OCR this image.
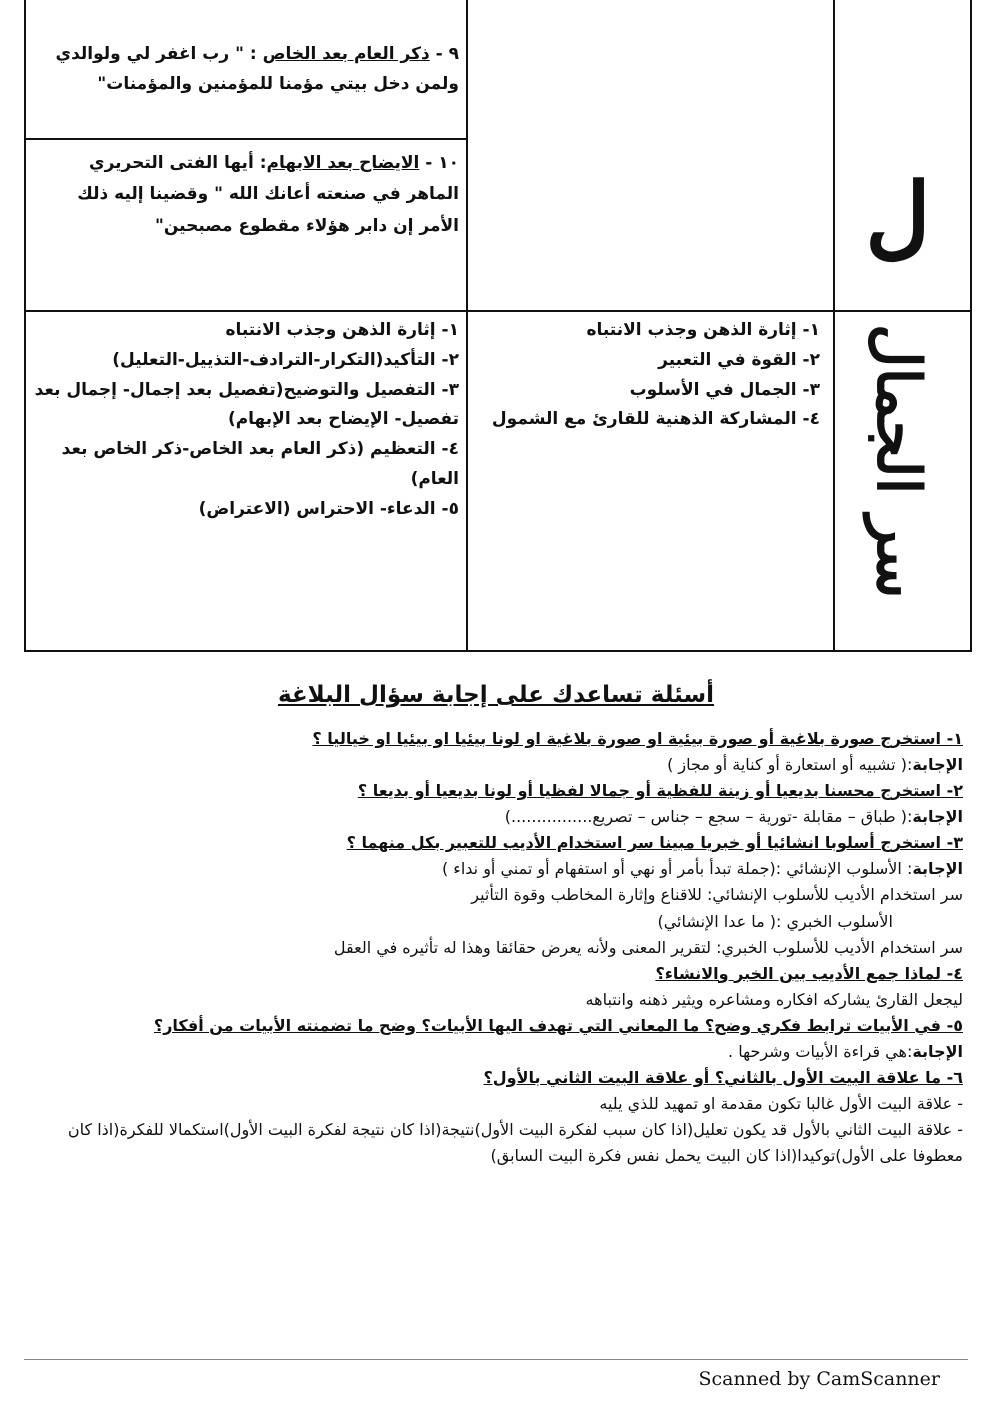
٩ - ذكر العام بعد الخاص : " رب اغفر لي ولوالدي ولمن دخل بيتي مؤمنا للمؤمنين والمؤمنات"
١٠ - الايضاح بعد الابهام: أيها الفتى التحريري الماهر في صنعته أعانك الله " وقضينا إليه ذلك الأمر إن دابر هؤلاء مقطوع مصبحين"	ل
سر الجمال
١- إثارة الذهن وجذب الانتباه
٢- القوة في التعبير
٣- الجمال في الأسلوب
٤- المشاركة الذهنية للقارئ مع الشمول
١- إثارة الذهن وجذب الانتباه
٢- التأكيد(التكرار-الترادف-التذييل-التعليل)
٣- التفصيل والتوضيح(تفصيل بعد إجمال- إجمال بعد تفصيل- الإيضاح بعد الإبهام)
٤- التعظيم (ذكر العام بعد الخاص-ذكر الخاص بعد العام)
٥- الدعاء- الاحتراس (الاعتراض)
أسئلة تساعدك على إجابة سؤال البلاغة

١- استخرج صورة بلاغية أو صورة بيئية او صورة بلاغية او لونا بيئيا او بيئيا او خياليا ؟

الإجابة:( تشبيه أو استعارة أو كناية أو مجاز )

٢- استخرج محسنا بديعيا أو زينة للفظية أو جمالا لفظيا أو لونا بديعيا أو بديعا ؟

الإجابة:( طباق – مقابلة -تورية – سجع – جناس – تصريع................)

٣- استخرج أسلوبا انشائيا أو خبريا مبينا سر استخدام الأديب للتعبير بكل منهما ؟

الإجابة: الأسلوب الإنشائي :(جملة تبدأ بأمر أو نهي أو استفهام أو تمني أو نداء )

سر استخدام الأديب للأسلوب الإنشائي: للاقناع وإثارة المخاطب وقوة التأثير

الأسلوب الخبري :( ما عدا الإنشائي)

سر استخدام الأديب للأسلوب الخبري: لتقرير المعنى ولأنه يعرض حقائقا وهذا له تأثيره في العقل

٤- لماذا جمع الأديب بين الخبر والانشاء؟

ليجعل القارئ يشاركه افكاره ومشاعره ويثير ذهنه وانتباهه

٥- في الأبيات ترابط فكري وضح؟ ما المعاني التي تهدف اليها الأبيات؟ وضح ما تضمنته الأبيات من أفكار؟

الإجابة:هي قراءة الأبيات وشرحها .

٦- ما علاقة البيت الأول بالثاني؟ أو علاقة البيت الثاني بالأول؟

- علاقة البيت الأول غالبا تكون مقدمة او تمهيد للذي يليه

- علاقة البيت الثاني بالأول قد يكون تعليل(اذا كان سبب لفكرة البيت الأول)نتيجة(اذا كان نتيجة لفكرة البيت الأول)استكمالا للفكرة(اذا كان معطوفا على الأول)توكيدا(اذا كان البيت يحمل نفس فكرة البيت السابق)

Scanned by CamScanner
